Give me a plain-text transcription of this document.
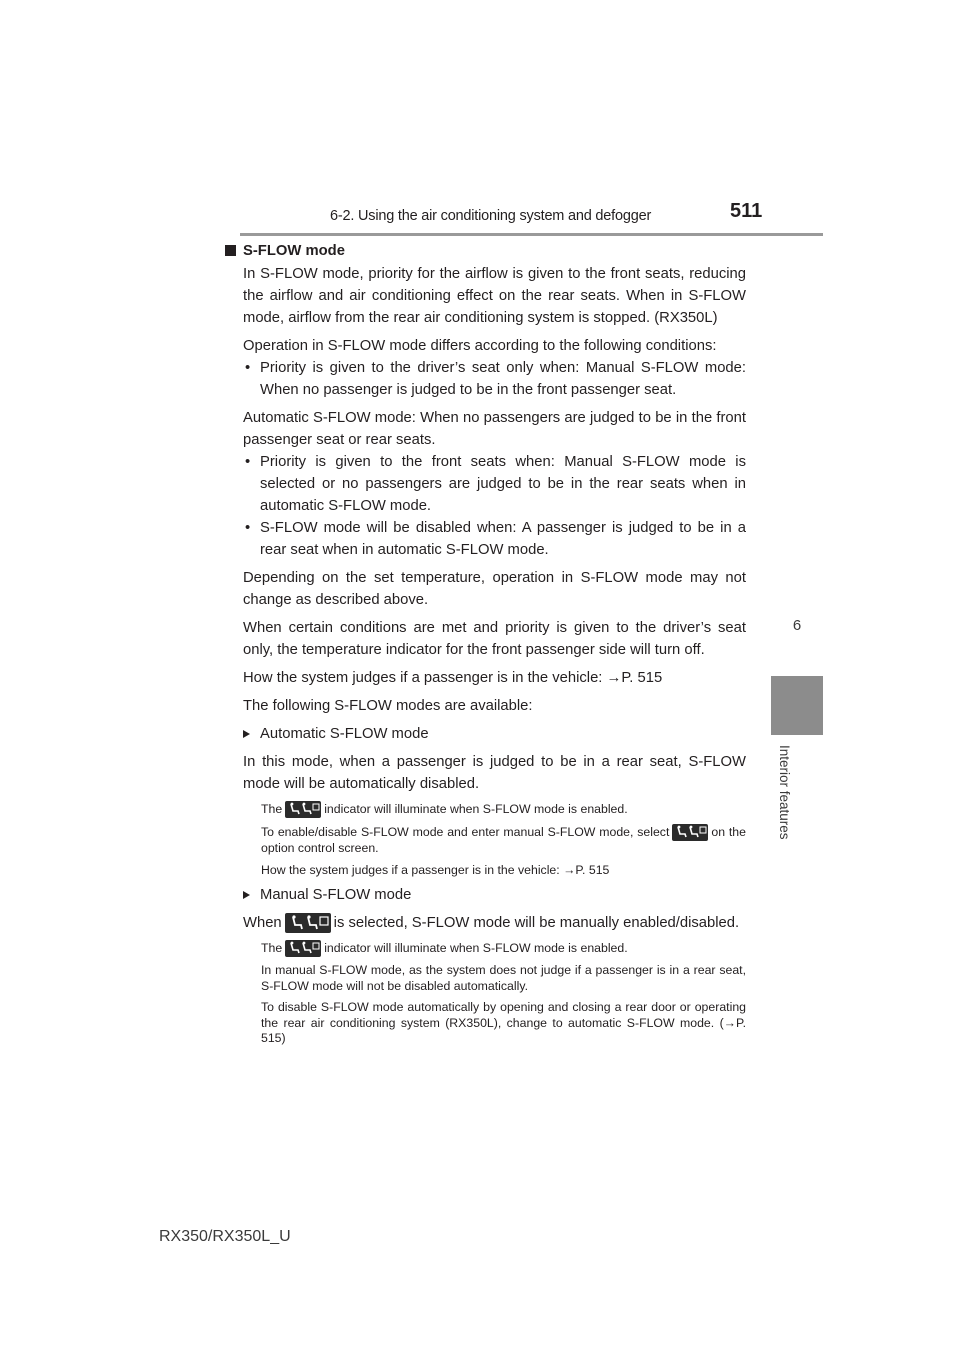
6-2. Using the air conditioning system and defogger	511
6
Interior features
S-FLOW mode
In S-FLOW mode, priority for the airflow is given to the front seats, reducing the airflow and air conditioning effect on the rear seats. When in S-FLOW mode, airflow from the rear air conditioning system is stopped. (RX350L)
Operation in S-FLOW mode differs according to the following conditions:
• Priority is given to the driver’s seat only when: Manual S-FLOW mode: When no passenger is judged to be in the front passenger seat.
Automatic S-FLOW mode: When no passengers are judged to be in the front passenger seat or rear seats.
• Priority is given to the front seats when: Manual S-FLOW mode is selected or no passengers are judged to be in the rear seats when in automatic S-FLOW mode.
• S-FLOW mode will be disabled when: A passenger is judged to be in a rear seat when in automatic S-FLOW mode.
Depending on the set temperature, operation in S-FLOW mode may not change as described above.
When certain conditions are met and priority is given to the driver’s seat only, the temperature indicator for the front passenger side will turn off.
How the system judges if a passenger is in the vehicle: →P. 515
The following S-FLOW modes are available:
Automatic S-FLOW mode
In this mode, when a passenger is judged to be in a rear seat, S-FLOW mode will be automatically disabled.
The	indicator will illuminate when S-FLOW mode is enabled.
To enable/disable S-FLOW mode and enter manual S-FLOW mode, select	on the option control screen.
How the system judges if a passenger is in the vehicle: →P. 515
Manual S-FLOW mode
When	is selected, S-FLOW mode will be manually enabled/disabled.
The	indicator will illuminate when S-FLOW mode is enabled.
In manual S-FLOW mode, as the system does not judge if a passenger is in a rear seat, S-FLOW mode will not be disabled automatically.
To disable S-FLOW mode automatically by opening and closing a rear door or operating the rear air conditioning system (RX350L), change to automatic S-FLOW mode. (→P. 515)
RX350/RX350L_U
